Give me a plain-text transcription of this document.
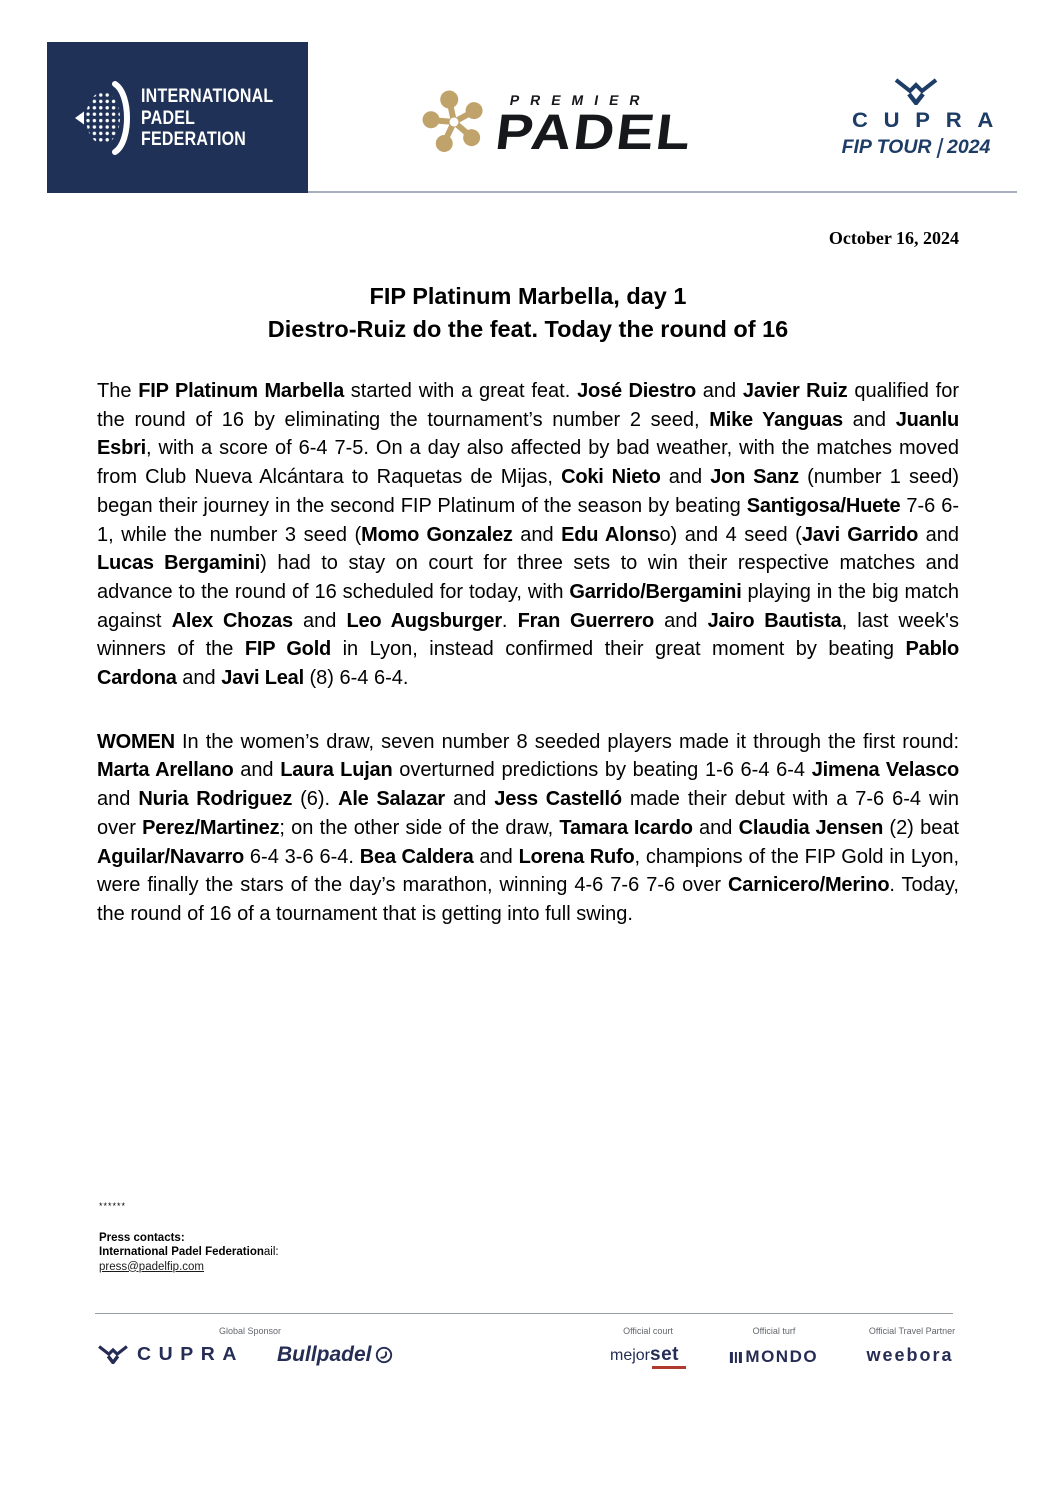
INTERNATIONAL
PADEL
FEDERATION
PREMIER
PADEL	CUPRA
FIP TOUR 2024
October 16, 2024
FIP Platinum Marbella, day 1
Diestro-Ruiz do the feat. Today the round of 16

The FIP Platinum Marbella started with a great feat. José Diestro and Javier Ruiz qualified for the round of 16 by eliminating the tournament’s number 2 seed, Mike Yanguas and Juanlu Esbri, with a score of 6-4 7-5. On a day also affected by bad weather, with the matches moved from Club Nueva Alcántara to Raquetas de Mijas, Coki Nieto and Jon Sanz (number 1 seed) began their journey in the second FIP Platinum of the season by beating Santigosa/Huete 7-6 6-1, while the number 3 seed (Momo Gonzalez and Edu Alonso) and 4 seed (Javi Garrido and Lucas Bergamini) had to stay on court for three sets to win their respective matches and advance to the round of 16 scheduled for today, with Garrido/Bergamini playing in the big match against Alex Chozas and Leo Augsburger. Fran Guerrero and Jairo Bautista, last week's winners of the FIP Gold in Lyon, instead confirmed their great moment by beating Pablo Cardona and Javi Leal (8) 6-4 6-4.

WOMEN In the women’s draw, seven number 8 seeded players made it through the first round: Marta Arellano and Laura Lujan overturned predictions by beating 1-6 6-4 6-4 Jimena Velasco and Nuria Rodriguez (6). Ale Salazar and Jess Castelló made their debut with a 7-6 6-4 win over Perez/Martinez; on the other side of the draw, Tamara Icardo and Claudia Jensen (2) beat Aguilar/Navarro 6-4 3-6 6-4. Bea Caldera and Lorena Rufo, champions of the FIP Gold in Lyon, were finally the stars of the day’s marathon, winning 4-6 7-6 7-6 over Carnicero/Merino. Today, the round of 16 of a tournament that is getting into full swing.

******
Press contacts:
International Padel Federationail:
press@padelfip.com
Global Sponsor	Official court	Official turf	Official Travel Partner
CUPRA Bullpadel	mejorset	MONDO	weebora
